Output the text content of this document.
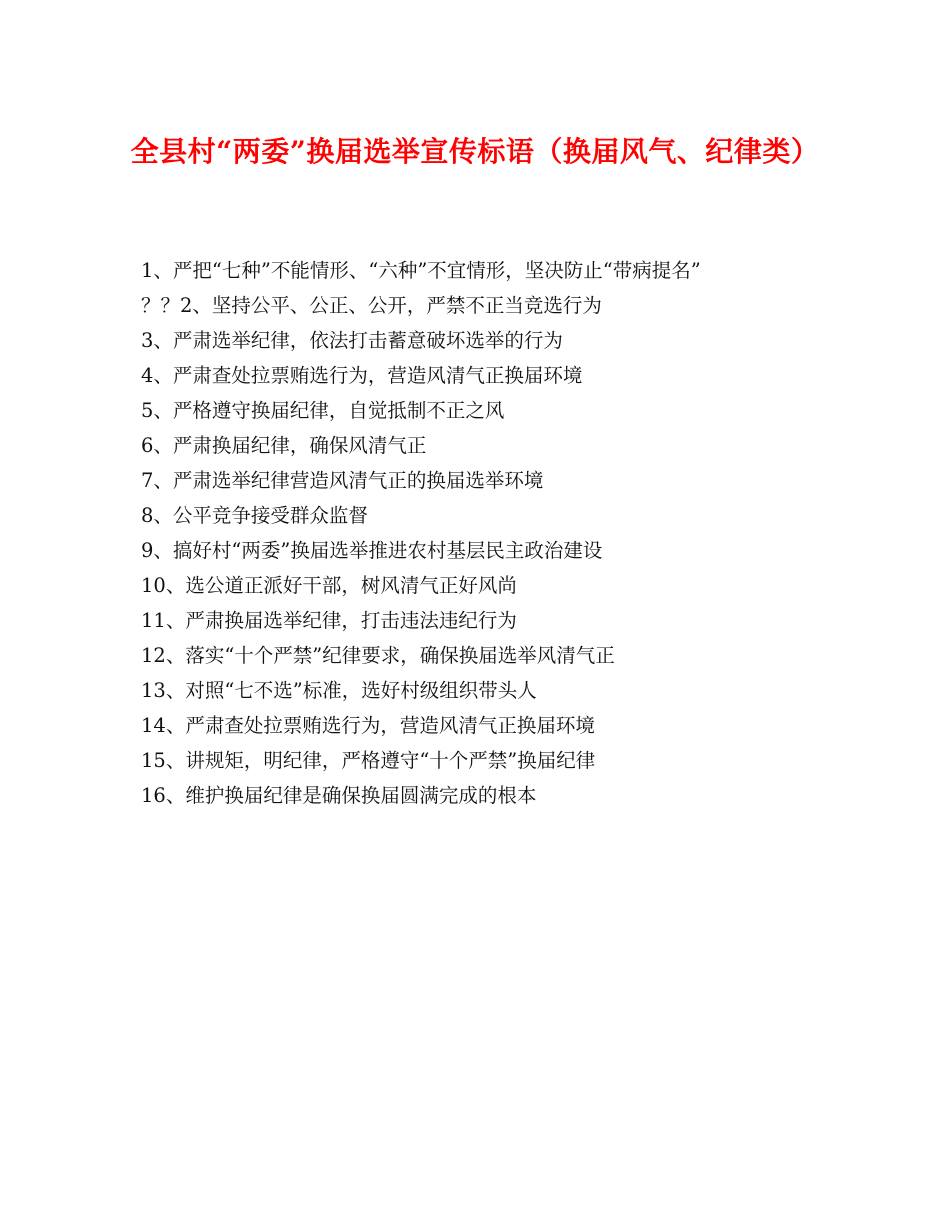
全县村“两委”换届选举宣传标语（换届风气、纪律类）
1、严把“七种”不能情形、“六种”不宜情形，坚决防止“带病提名”
？？2、坚持公平、公正、公开，严禁不正当竞选行为
3、严肃选举纪律，依法打击蓄意破坏选举的行为
4、严肃查处拉票贿选行为，营造风清气正换届环境
5、严格遵守换届纪律，自觉抵制不正之风
6、严肃换届纪律，确保风清气正
7、严肃选举纪律营造风清气正的换届选举环境
8、公平竞争接受群众监督
9、搞好村“两委”换届选举推进农村基层民主政治建设
10、选公道正派好干部，树风清气正好风尚
11、严肃换届选举纪律，打击违法违纪行为
12、落实“十个严禁”纪律要求，确保换届选举风清气正
13、对照“七不选”标准，选好村级组织带头人
14、严肃查处拉票贿选行为，营造风清气正换届环境
15、讲规矩，明纪律，严格遵守“十个严禁”换届纪律
16、维护换届纪律是确保换届圆满完成的根本
